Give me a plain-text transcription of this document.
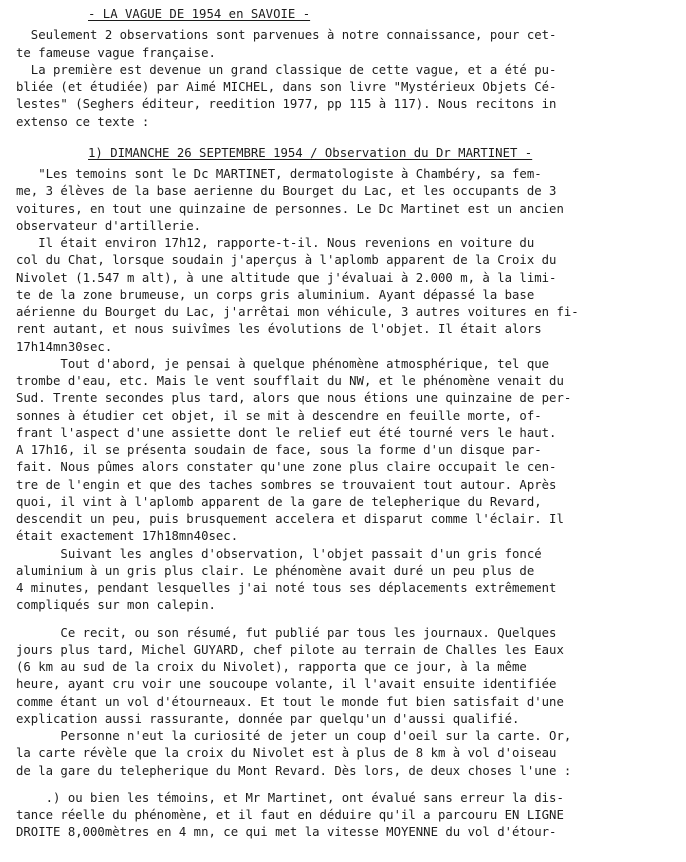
- LA VAGUE DE 1954 en SAVOIE -
Seulement 2 observations sont parvenues à notre connaissance, pour cet-
te fameuse vague française.
La première est devenue un grand classique de cette vague, et a été pu-
bliée (et étudiée) par Aimé MICHEL, dans son livre "Mystérieux Objets Cé-
lestes" (Seghers éditeur, reedition 1977, pp 115 à 117). Nous recitons in
extenso ce texte :
1) DIMANCHE 26 SEPTEMBRE 1954 / Observation du Dr MARTINET -
"Les temoins sont le Dc MARTINET, dermatologiste à Chambéry, sa fem-
me, 3 élèves de la base aerienne du Bourget du Lac, et les occupants de 3
voitures, en tout une quinzaine de personnes. Le Dc Martinet est un ancien
observateur d'artillerie.
Il était environ 17h12, rapporte-t-il. Nous revenions en voiture du
col du Chat, lorsque soudain j'aperçus à l'aplomb apparent de la Croix du
Nivolet (1.547 m alt), à une altitude que j'évaluai à 2.000 m, à la limi-
te de la zone brumeuse, un corps gris aluminium. Ayant dépassé la base
aérienne du Bourget du Lac, j'arrêtai mon véhicule, 3 autres voitures en fi-
rent autant, et nous suivîmes les évolutions de l'objet. Il était alors
17h14mn30sec.
Tout d'abord, je pensai à quelque phénomène atmosphérique, tel que
trombe d'eau, etc. Mais le vent soufflait du NW, et le phénomène venait du
Sud. Trente secondes plus tard, alors que nous étions une quinzaine de per-
sonnes à étudier cet objet, il se mit à descendre en feuille morte, of-
frant l'aspect d'une assiette dont le relief eut été tourné vers le haut.
A 17h16, il se présenta soudain de face, sous la forme d'un disque par-
fait. Nous pûmes alors constater qu'une zone plus claire occupait le cen-
tre de l'engin et que des taches sombres se trouvaient tout autour. Après
quoi, il vint à l'aplomb apparent de la gare de telepherique du Revard,
descendit un peu, puis brusquement accelera et disparut comme l'éclair. Il
était exactement 17h18mn40sec.
Suivant les angles d'observation, l'objet passait d'un gris foncé
aluminium à un gris plus clair. Le phénomène avait duré un peu plus de
4 minutes, pendant lesquelles j'ai noté tous ses déplacements extrêmement
compliqués sur mon calepin.
Ce recit, ou son résumé, fut publié par tous les journaux. Quelques
jours plus tard, Michel GUYARD, chef pilote au terrain de Challes les Eaux
(6 km au sud de la croix du Nivolet), rapporta que ce jour, à la même
heure, ayant cru voir une soucoupe volante, il l'avait ensuite identifiée
comme étant un vol d'étourneaux. Et tout le monde fut bien satisfait d'une
explication aussi rassurante, donnée par quelqu'un d'aussi qualifié.
Personne n'eut la curiosité de jeter un coup d'oeil sur la carte. Or,
la carte révèle que la croix du Nivolet est à plus de 8 km à vol d'oiseau
de la gare du telepherique du Mont Revard. Dès lors, de deux choses l'une :
.) ou bien les témoins, et Mr Martinet, ont évalué sans erreur la dis-
tance réelle du phénomène, et il faut en déduire qu'il a parcouru EN LIGNE
DROITE 8,000mètres en 4 mn, ce qui met la vitesse MOYENNE du vol d'étour-
